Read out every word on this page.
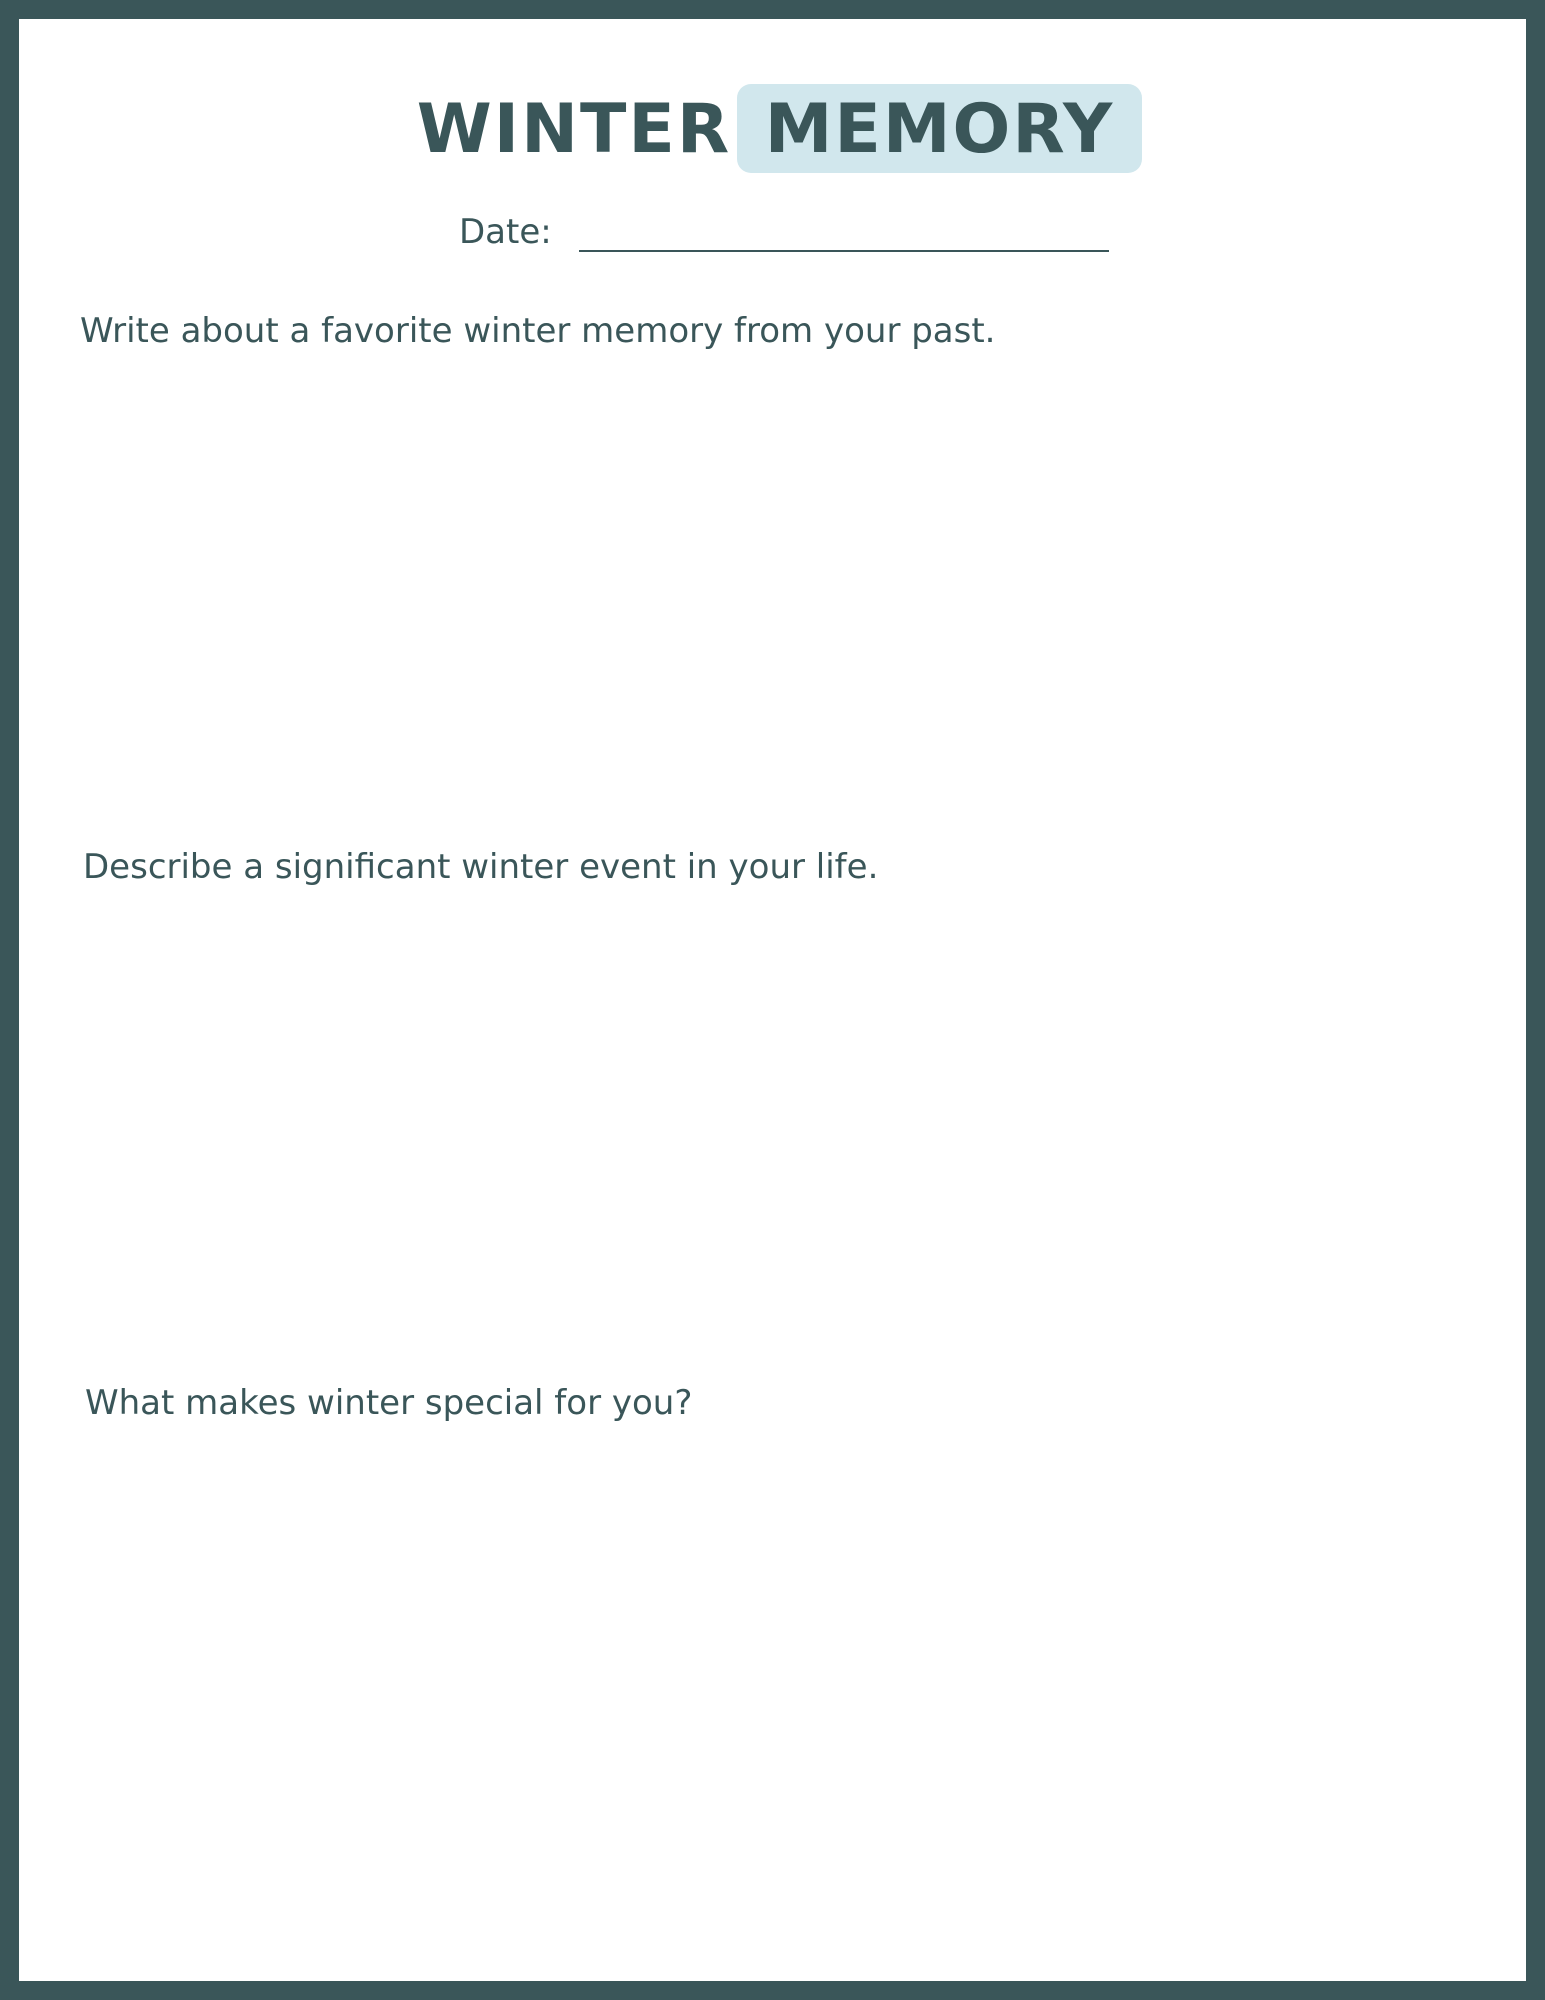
WINTER MEMORY
Date:
Write about a favorite winter memory from your past.
Describe a significant winter event in your life.
What makes winter special for you?
